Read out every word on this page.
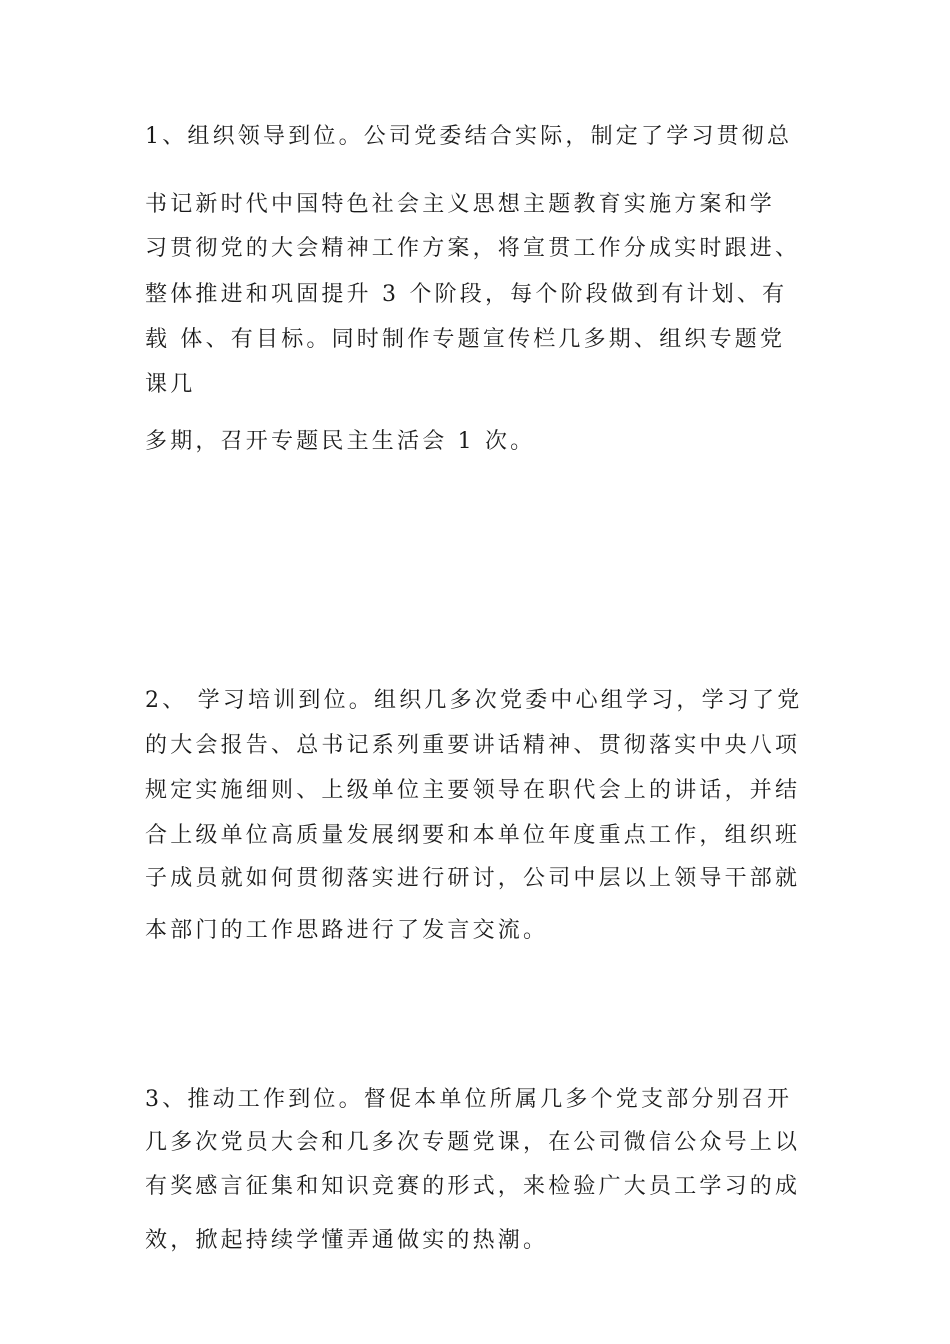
1、组织领导到位。公司党委结合实际，制定了学习贯彻总
书记新时代中国特色社会主义思想主题教育实施方案和学
习贯彻党的大会精神工作方案，将宣贯工作分成实时跟进、
整体推进和巩固提升 3 个阶段，每个阶段做到有计划、有
载 体、有目标。同时制作专题宣传栏几多期、组织专题党
课几
多期，召开专题民主生活会 1 次。
2、 学习培训到位。组织几多次党委中心组学习，学习了党
的大会报告、总书记系列重要讲话精神、贯彻落实中央八项
规定实施细则、上级单位主要领导在职代会上的讲话，并结
合上级单位高质量发展纲要和本单位年度重点工作，组织班
子成员就如何贯彻落实进行研讨，公司中层以上领导干部就
本部门的工作思路进行了发言交流。
3、推动工作到位。督促本单位所属几多个党支部分别召开
几多次党员大会和几多次专题党课，在公司微信公众号上以
有奖感言征集和知识竞赛的形式，来检验广大员工学习的成
效，掀起持续学懂弄通做实的热潮。
